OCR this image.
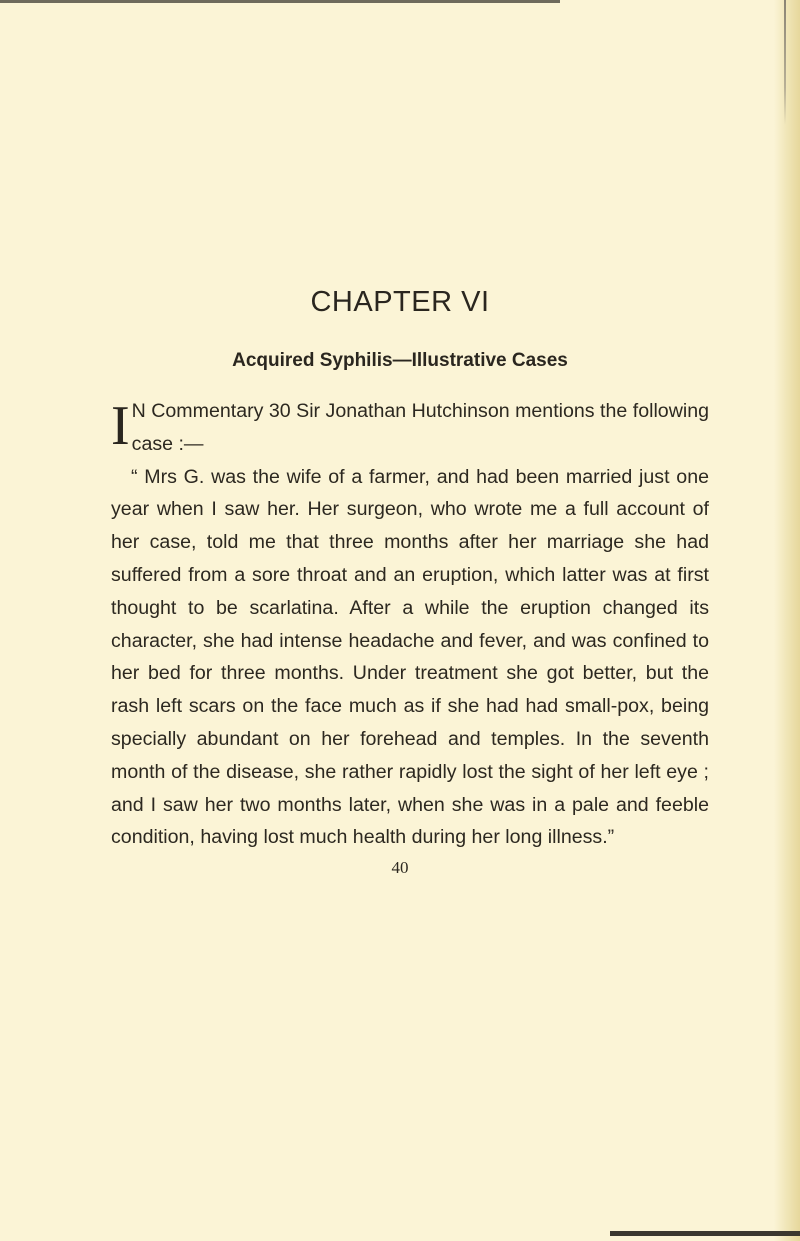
CHAPTER VI
Acquired Syphilis—Illustrative Cases
I N Commentary 30 Sir Jonathan Hutchinson mentions the following case :—

“ Mrs G. was the wife of a farmer, and had been married just one year when I saw her. Her surgeon, who wrote me a full account of her case, told me that three months after her marriage she had suffered from a sore throat and an eruption, which latter was at first thought to be scarlatina. After a while the eruption changed its character, she had intense headache and fever, and was confined to her bed for three months. Under treatment she got better, but the rash left scars on the face much as if she had had small-pox, being specially abundant on her forehead and temples. In the seventh month of the disease, she rather rapidly lost the sight of her left eye ; and I saw her two months later, when she was in a pale and feeble condition, having lost much health during her long illness.”

40
